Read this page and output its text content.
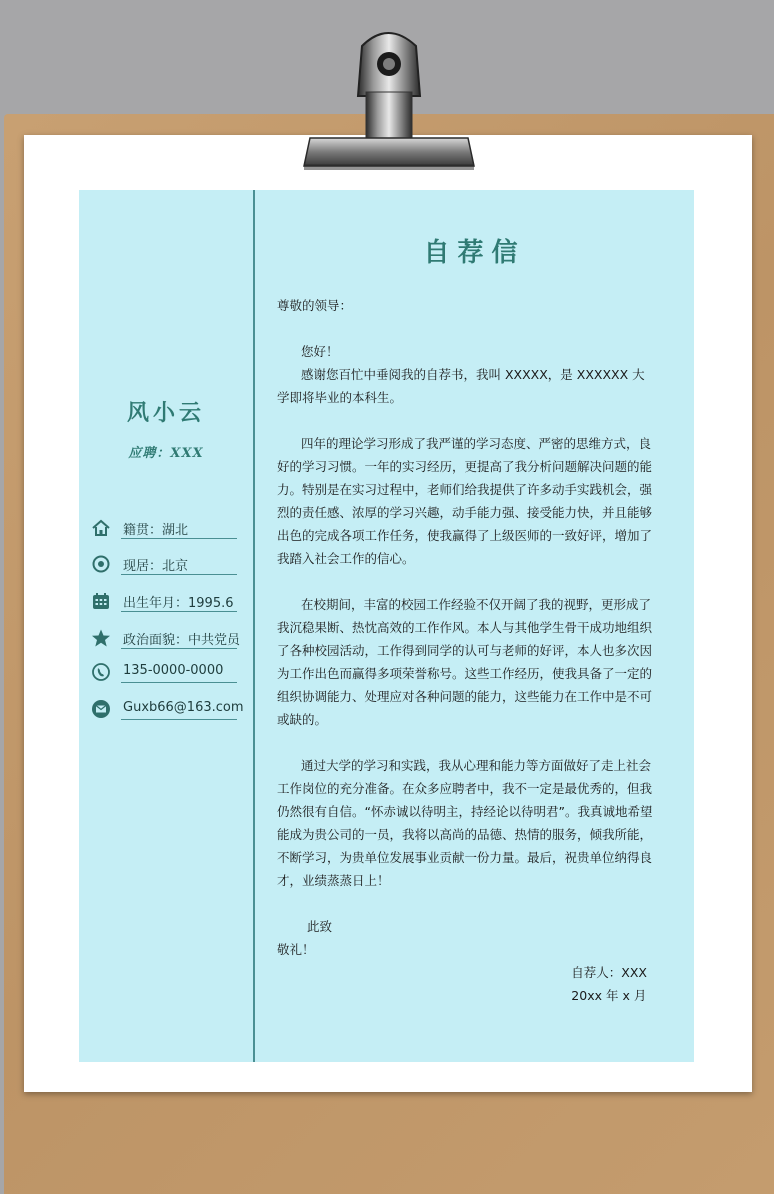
风小云
应聘：XXX
籍贯：湖北
现居：北京
出生年月：1995.6
政治面貌：中共党员
135-0000-0000
Guxb66@163.com
自荐信

尊敬的领导：

您好！

感谢您百忙中垂阅我的自荐书，我叫 XXXXX，是 XXXXXX 大学即将毕业的本科生。

四年的理论学习形成了我严谨的学习态度、严密的思维方式，良好的学习习惯。一年的实习经历，更提高了我分析问题解决问题的能力。特别是在实习过程中，老师们给我提供了许多动手实践机会，强烈的责任感、浓厚的学习兴趣，动手能力强、接受能力快，并且能够出色的完成各项工作任务，使我赢得了上级医师的一致好评，增加了我踏入社会工作的信心。

在校期间，丰富的校园工作经验不仅开阔了我的视野，更形成了我沉稳果断、热忱高效的工作作风。本人与其他学生骨干成功地组织了各种校园活动，工作得到同学的认可与老师的好评，本人也多次因为工作出色而赢得多项荣誉称号。这些工作经历，使我具备了一定的组织协调能力、处理应对各种问题的能力，这些能力在工作中是不可或缺的。

通过大学的学习和实践，我从心理和能力等方面做好了走上社会工作岗位的充分准备。在众多应聘者中，我不一定是最优秀的，但我仍然很有自信。“怀赤诚以待明主，持经论以待明君”。我真诚地希望能成为贵公司的一员，我将以高尚的品德、热情的服务，倾我所能，不断学习，为贵单位发展事业贡献一份力量。最后，祝贵单位纳得良才，业绩蒸蒸日上！

此致

敬礼！

自荐人：XXX

20xx 年 x 月
